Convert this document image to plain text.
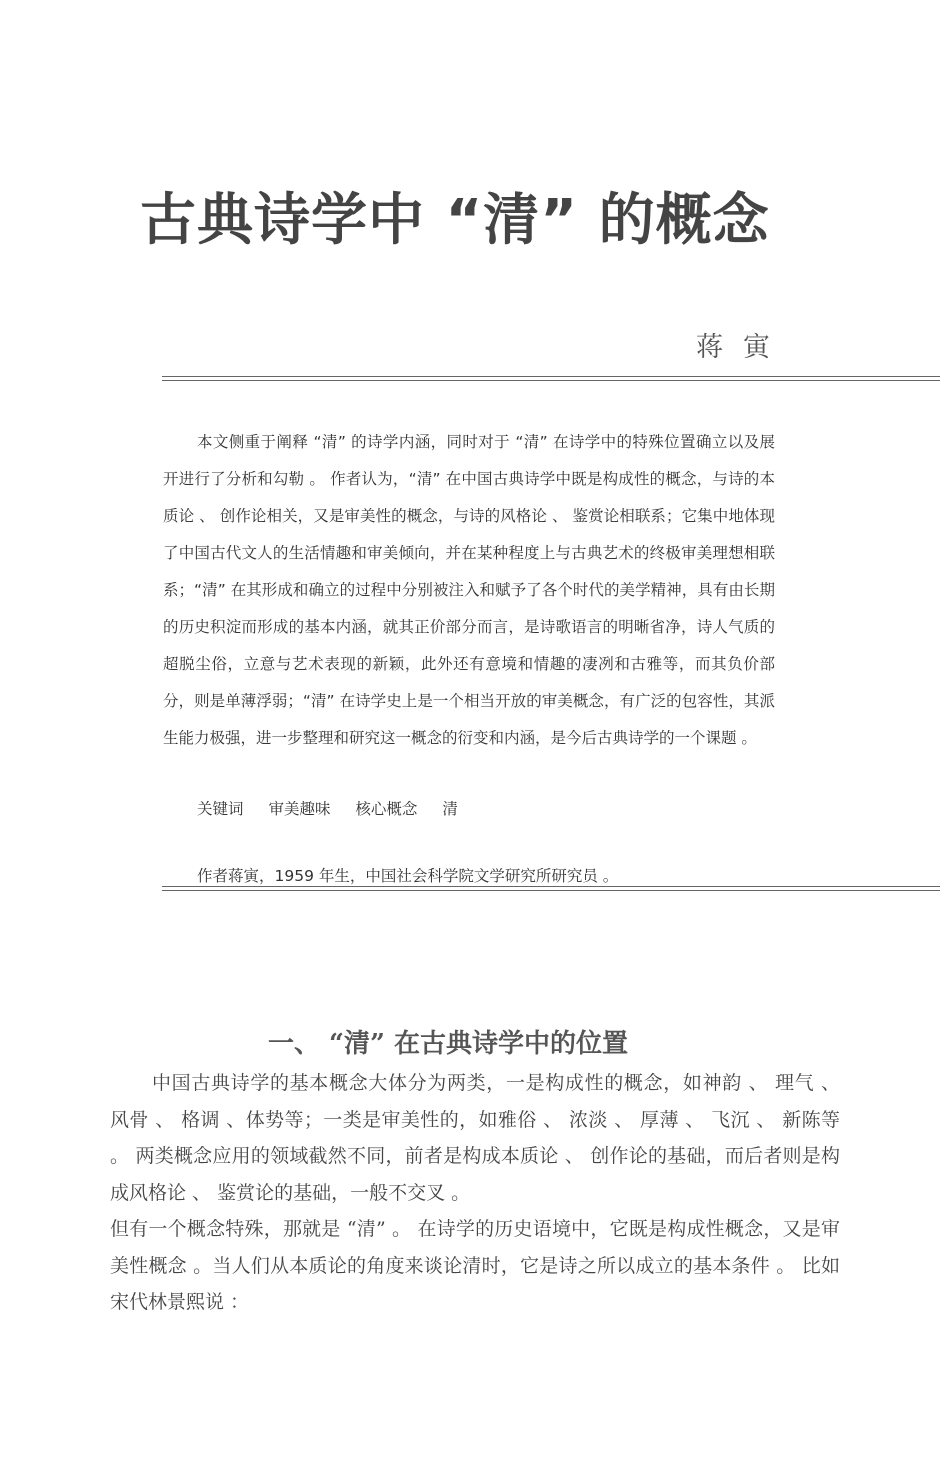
古典诗学中 “清” 的概念
蒋寅
本文侧重于阐释 “清” 的诗学内涵，同时对于 “清” 在诗学中的特殊位置确立以及展开进行了分析和勾勒 。 作者认为，“清” 在中国古典诗学中既是构成性的概念，与诗的本质论 、 创作论相关，又是审美性的概念，与诗的风格论 、 鉴赏论相联系；它集中地体现了中国古代文人的生活情趣和审美倾向，并在某种程度上与古典艺术的终极审美理想相联系；“清” 在其形成和确立的过程中分别被注入和赋予了各个时代的美学精神，具有由长期的历史积淀而形成的基本内涵，就其正价部分而言，是诗歌语言的明晰省净，诗人气质的超脱尘俗，立意与艺术表现的新颖，此外还有意境和情趣的凄冽和古雅等，而其负价部分，则是单薄浮弱；“清” 在诗学史上是一个相当开放的审美概念，有广泛的包容性，其派生能力极强，进一步整理和研究这一概念的衍变和内涵，是今后古典诗学的一个课题 。
关键词 审美趣味 核心概念 清
作者蒋寅，1959 年生，中国社会科学院文学研究所研究员 。
一、 “清” 在古典诗学中的位置

中国古典诗学的基本概念大体分为两类，一是构成性的概念，如神韵 、 理气 、 风骨 、 格调 、体势等；一类是审美性的，如雅俗 、 浓淡 、 厚薄 、 飞沉 、 新陈等 。 两类概念应用的领域截然不同，前者是构成本质论 、 创作论的基础，而后者则是构成风格论 、 鉴赏论的基础，一般不交叉 。

但有一个概念特殊，那就是 “清” 。 在诗学的历史语境中，它既是构成性概念，又是审美性概念 。当人们从本质论的角度来谈论清时，它是诗之所以成立的基本条件 。 比如宋代林景熙说 ：
